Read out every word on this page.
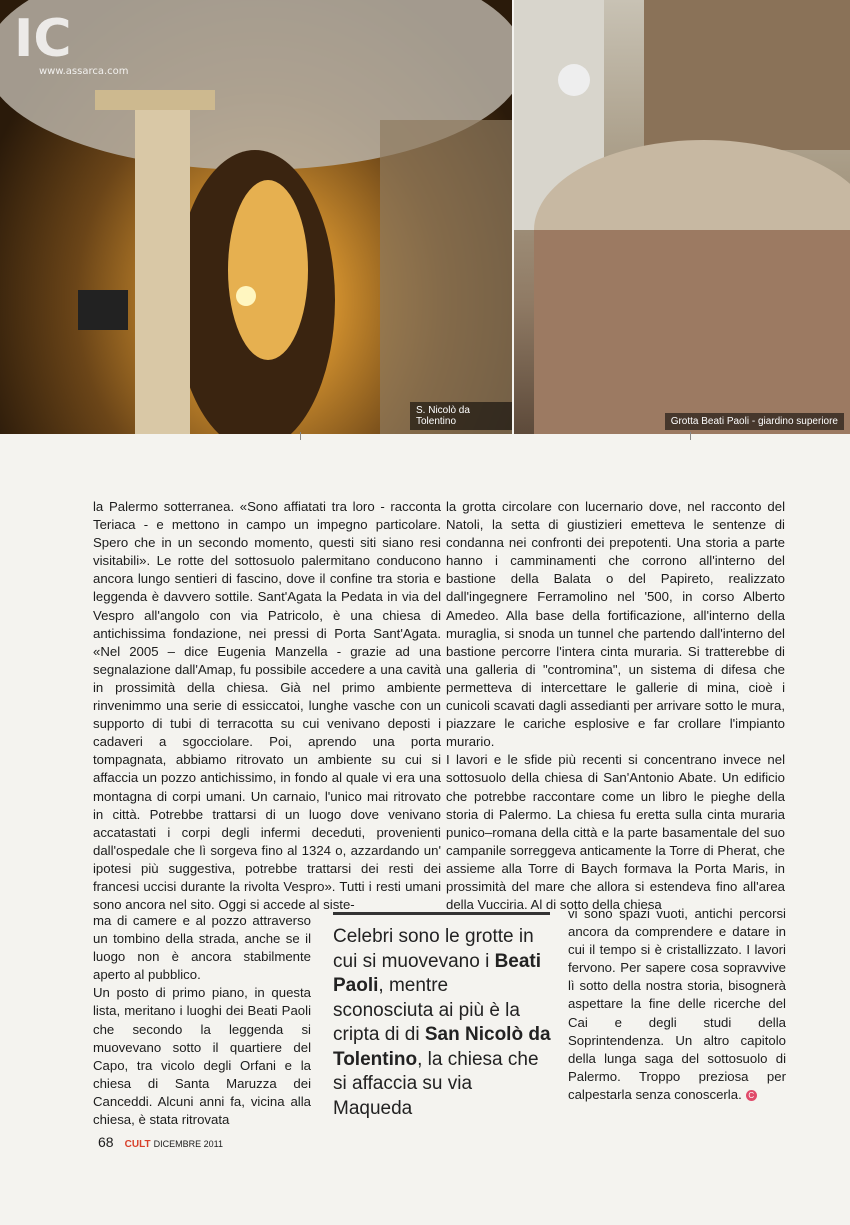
IC
www.assarca.com
S. Nicolò da Tolentino	Grotta Beati Paoli - giardino superiore

la Palermo sotterranea. «Sono affiatati tra loro - racconta Teriaca - e mettono in campo un impegno particolare. Spero che in un secondo momento, questi siti siano resi visitabili». Le rotte del sottosuolo palermitano conducono ancora lungo sentieri di fascino, dove il confine tra storia e leggenda è davvero sottile. Sant'Agata la Pedata in via del Vespro all'angolo con via Patricolo, è una chiesa di antichissima fondazione, nei pressi di Porta Sant'Agata. «Nel 2005 – dice Eugenia Manzella - grazie ad una segnalazione dall'Amap, fu possibile accedere a una cavità in prossimità della chiesa. Già nel primo ambiente rinvenimmo una serie di essiccatoi, lunghe vasche con un supporto di tubi di terracotta su cui venivano deposti i cadaveri a sgocciolare. Poi, aprendo una porta tompagnata, abbiamo ritrovato un ambiente su cui si affaccia un pozzo antichissimo, in fondo al quale vi era una montagna di corpi umani. Un carnaio, l'unico mai ritrovato in città. Potrebbe trattarsi di un luogo dove venivano accatastati i corpi degli infermi deceduti, provenienti dall'ospedale che lì sorgeva fino al 1324 o, azzardando un' ipotesi più suggestiva, potrebbe trattarsi dei resti dei francesi uccisi durante la rivolta Vespro». Tutti i resti umani sono ancora nel sito. Oggi si accede al siste-

la grotta circolare con lucernario dove, nel racconto del Natoli, la setta di giustizieri emetteva le sentenze di condanna nei confronti dei prepotenti. Una storia a parte hanno i camminamenti che corrono all'interno del bastione della Balata o del Papireto, realizzato dall'ingegnere Ferramolino nel '500, in corso Alberto Amedeo. Alla base della fortificazione, all'interno della muraglia, si snoda un tunnel che partendo dall'interno del bastione percorre l'intera cinta muraria. Si tratterebbe di una galleria di "contromina", un sistema di difesa che permetteva di intercettare le gallerie di mina, cioè i cunicoli scavati dagli assedianti per arrivare sotto le mura, piazzare le cariche esplosive e far crollare l'impianto murario.

I lavori e le sfide più recenti si concentrano invece nel sottosuolo della chiesa di San'Antonio Abate. Un edificio che potrebbe raccontare come un libro le pieghe della storia di Palermo. La chiesa fu eretta sulla cinta muraria punico–romana della città e la parte basamentale del suo campanile sorreggeva anticamente la Torre di Pherat, che assieme alla Torre di Baych formava la Porta Maris, in prossimità del mare che allora si estendeva fino all'area della Vucciria. Al di sotto della chiesa

ma di camere e al pozzo attraverso un tombino della strada, anche se il luogo non è ancora stabilmente aperto al pubblico.

Un posto di primo piano, in questa lista, meritano i luoghi dei Beati Paoli che secondo la leggenda si muovevano sotto il quartiere del Capo, tra vicolo degli Orfani e la chiesa di Santa Maruzza dei Canceddi. Alcuni anni fa, vicina alla chiesa, è stata ritrovata

Celebri sono le grotte in cui si muovevano i Beati Paoli, mentre sconosciuta ai più è la cripta di di San Nicolò da Tolentino, la chiesa che si affaccia su via Maqueda

vi sono spazi vuoti, antichi percorsi ancora da comprendere e datare in cui il tempo si è cristallizzato. I lavori fervono. Per sapere cosa sopravvive lì sotto della nostra storia, bisognerà aspettare la fine delle ricerche del Cai e degli studi della Soprintendenza. Un altro capitolo della lunga saga del sottosuolo di Palermo. Troppo preziosa per calpestarla senza conoscerla. C

68 CULT DICEMBRE 2011
